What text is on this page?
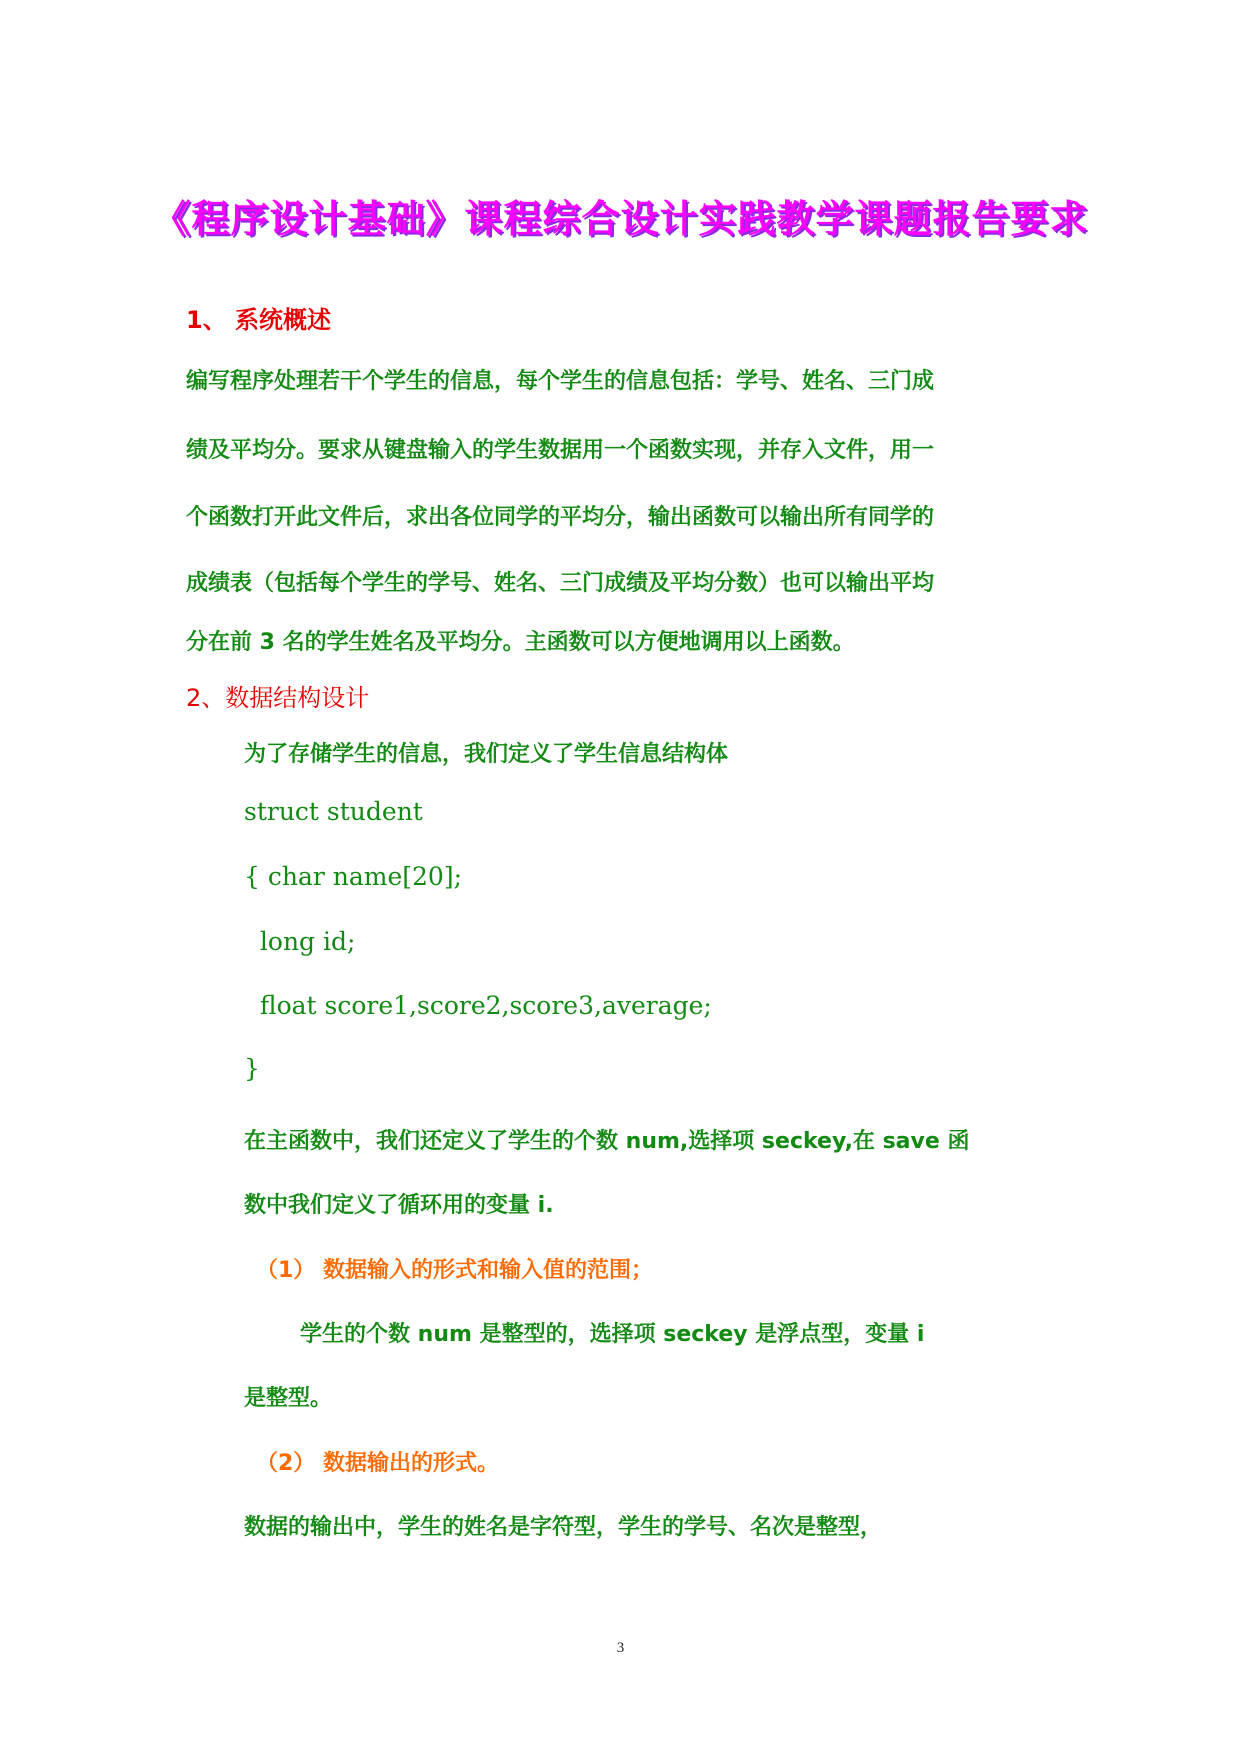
《程序设计基础》课程综合设计实践教学课题报告要求
1、 系统概述
编写程序处理若干个学生的信息，每个学生的信息包括：学号、姓名、三门成
绩及平均分。要求从键盘输入的学生数据用一个函数实现，并存入文件，用一
个函数打开此文件后，求出各位同学的平均分，输出函数可以输出所有同学的
成绩表（包括每个学生的学号、姓名、三门成绩及平均分数）也可以输出平均
分在前 3 名的学生姓名及平均分。主函数可以方便地调用以上函数。
2、数据结构设计
为了存储学生的信息，我们定义了学生信息结构体
struct student
{ char name[20];
long id;
float score1,score2,score3,average;
}
在主函数中，我们还定义了学生的个数 num,选择项 seckey,在 save 函
数中我们定义了循环用的变量 i.
（1） 数据输入的形式和输入值的范围；
学生的个数 num 是整型的，选择项 seckey 是浮点型，变量 i
是整型。
（2） 数据输出的形式。
数据的输出中，学生的姓名是字符型，学生的学号、名次是整型，
3
